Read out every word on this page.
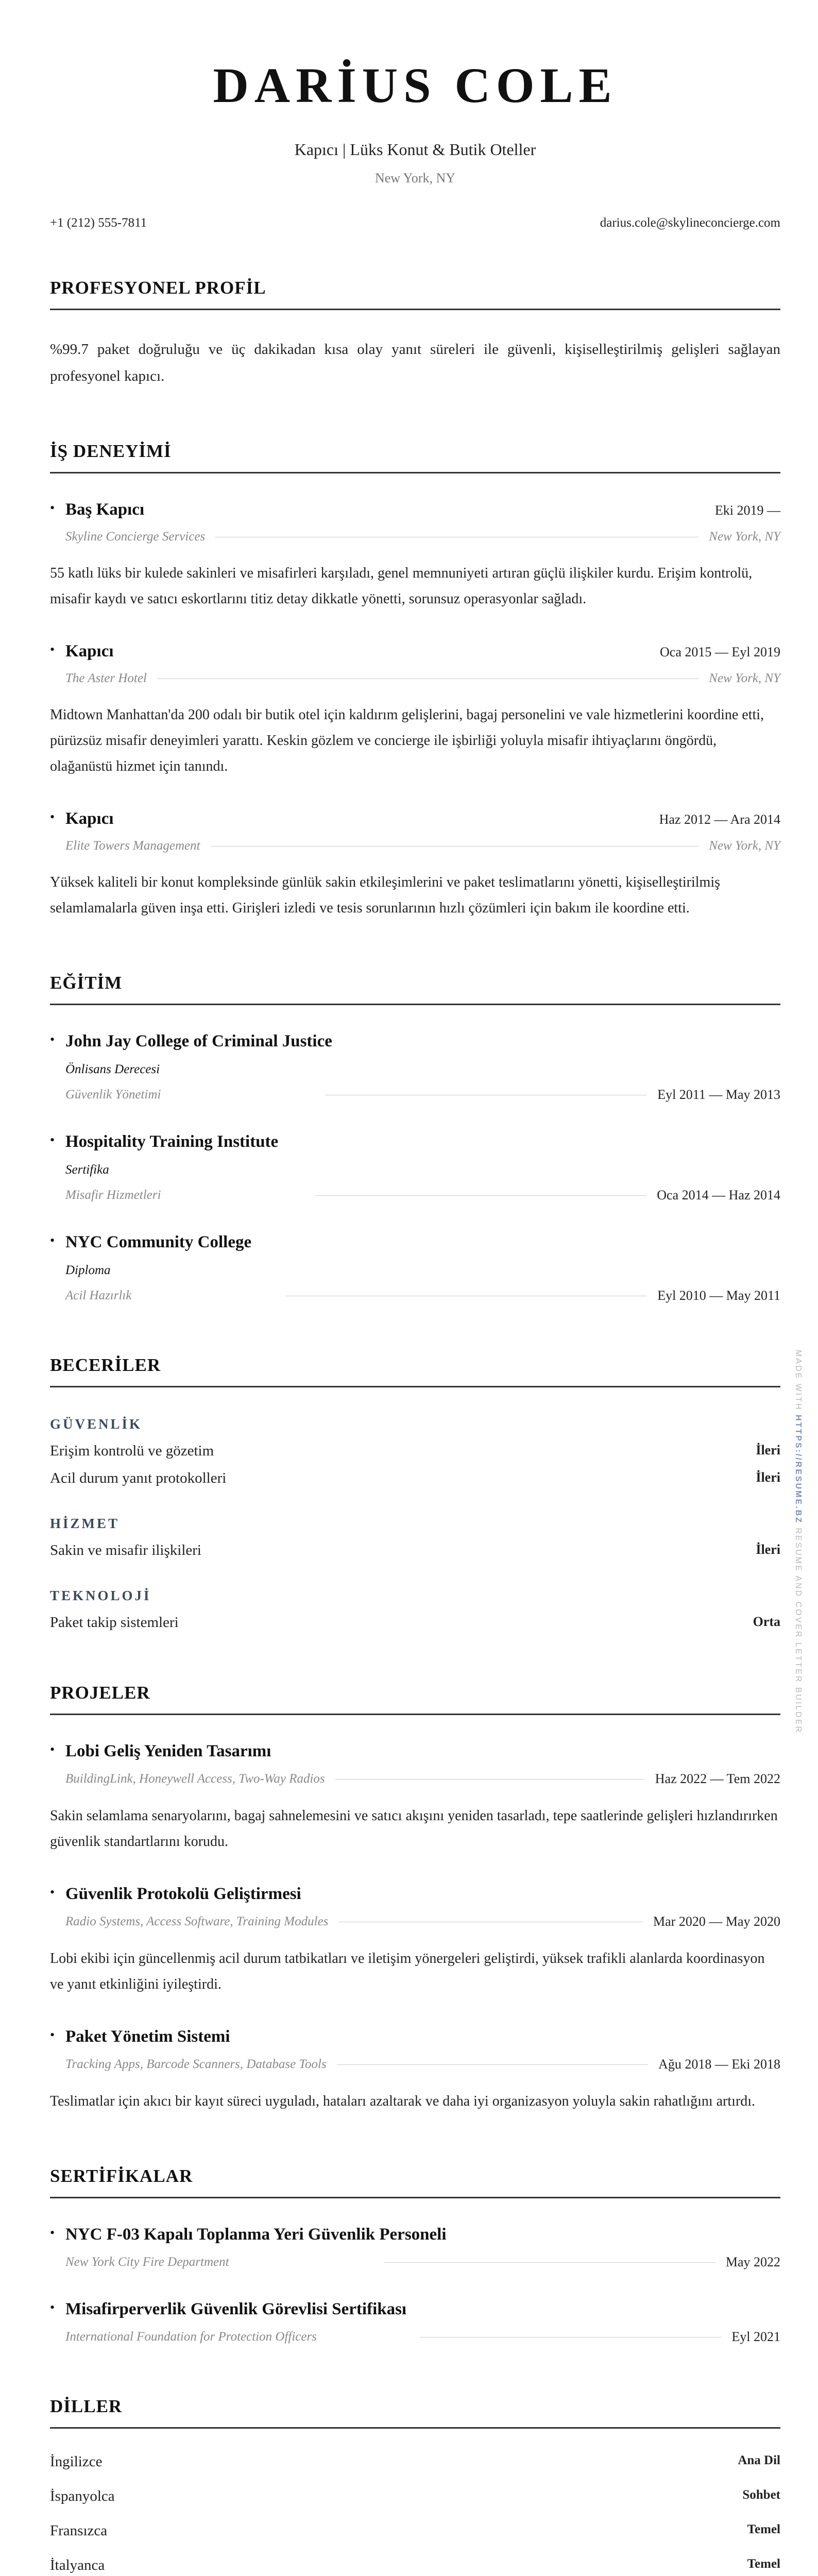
DARİUS COLE
Kapıcı | Lüks Konut & Butik Oteller
New York, NY
+1 (212) 555-7811	darius.cole@skylineconcierge.com
PROFESYONEL PROFİL
%99.7 paket doğruluğu ve üç dakikadan kısa olay yanıt süreleri ile güvenli, kişiselleştirilmiş gelişleri sağlayan profesyonel kapıcı.
İŞ DENEYİMİ
• Baş Kapıcı	Eki 2019 —
Skyline Concierge Services	New York, NY
55 katlı lüks bir kulede sakinleri ve misafirleri karşıladı, genel memnuniyeti artıran güçlü ilişkiler kurdu. Erişim kontrolü, misafir kaydı ve satıcı eskortlarını titiz detay dikkatle yönetti, sorunsuz operasyonlar sağladı.
• Kapıcı	Oca 2015 — Eyl 2019
The Aster Hotel	New York, NY
Midtown Manhattan'da 200 odalı bir butik otel için kaldırım gelişlerini, bagaj personelini ve vale hizmetlerini koordine etti, pürüzsüz misafir deneyimleri yarattı. Keskin gözlem ve concierge ile işbirliği yoluyla misafir ihtiyaçlarını öngördü, olağanüstü hizmet için tanındı.
• Kapıcı	Haz 2012 — Ara 2014
Elite Towers Management	New York, NY
Yüksek kaliteli bir konut kompleksinde günlük sakin etkileşimlerini ve paket teslimatlarını yönetti, kişiselleştirilmiş selamlamalarla güven inşa etti. Girişleri izledi ve tesis sorunlarının hızlı çözümleri için bakım ile koordine etti.
EĞİTİM
• John Jay College of Criminal Justice
Önlisans Derecesi
Güvenlik Yönetimi	Eyl 2011 — May 2013
• Hospitality Training Institute
Sertifika
Misafir Hizmetleri	Oca 2014 — Haz 2014
• NYC Community College
Diploma
Acil Hazırlık	Eyl 2010 — May 2011
BECERİLER
GÜVENLİK
Erişim kontrolü ve gözetim	İleri
Acil durum yanıt protokolleri	İleri
HİZMET
Sakin ve misafir ilişkileri	İleri
TEKNOLOJİ
Paket takip sistemleri	Orta
PROJELER
• Lobi Geliş Yeniden Tasarımı
BuildingLink, Honeywell Access, Two-Way Radios	Haz 2022 — Tem 2022
Sakin selamlama senaryolarını, bagaj sahnelemesini ve satıcı akışını yeniden tasarladı, tepe saatlerinde gelişleri hızlandırırken güvenlik standartlarını korudu.
• Güvenlik Protokolü Geliştirmesi
Radio Systems, Access Software, Training Modules	Mar 2020 — May 2020
Lobi ekibi için güncellenmiş acil durum tatbikatları ve iletişim yönergeleri geliştirdi, yüksek trafikli alanlarda koordinasyon ve yanıt etkinliğini iyileştirdi.
• Paket Yönetim Sistemi
Tracking Apps, Barcode Scanners, Database Tools	Ağu 2018 — Eki 2018
Teslimatlar için akıcı bir kayıt süreci uyguladı, hataları azaltarak ve daha iyi organizasyon yoluyla sakin rahatlığını artırdı.
SERTİFİKALAR
• NYC F-03 Kapalı Toplanma Yeri Güvenlik Personeli
New York City Fire Department	May 2022
• Misafirperverlik Güvenlik Görevlisi Sertifikası
International Foundation for Protection Officers	Eyl 2021
DİLLER
İngilizce	Ana Dil
İspanyolca	Sohbet
Fransızca	Temel
İtalyanca	Temel
MADE WITH HTTPS://RESUME.BZ RESUME AND COVER LETTER BUILDER
